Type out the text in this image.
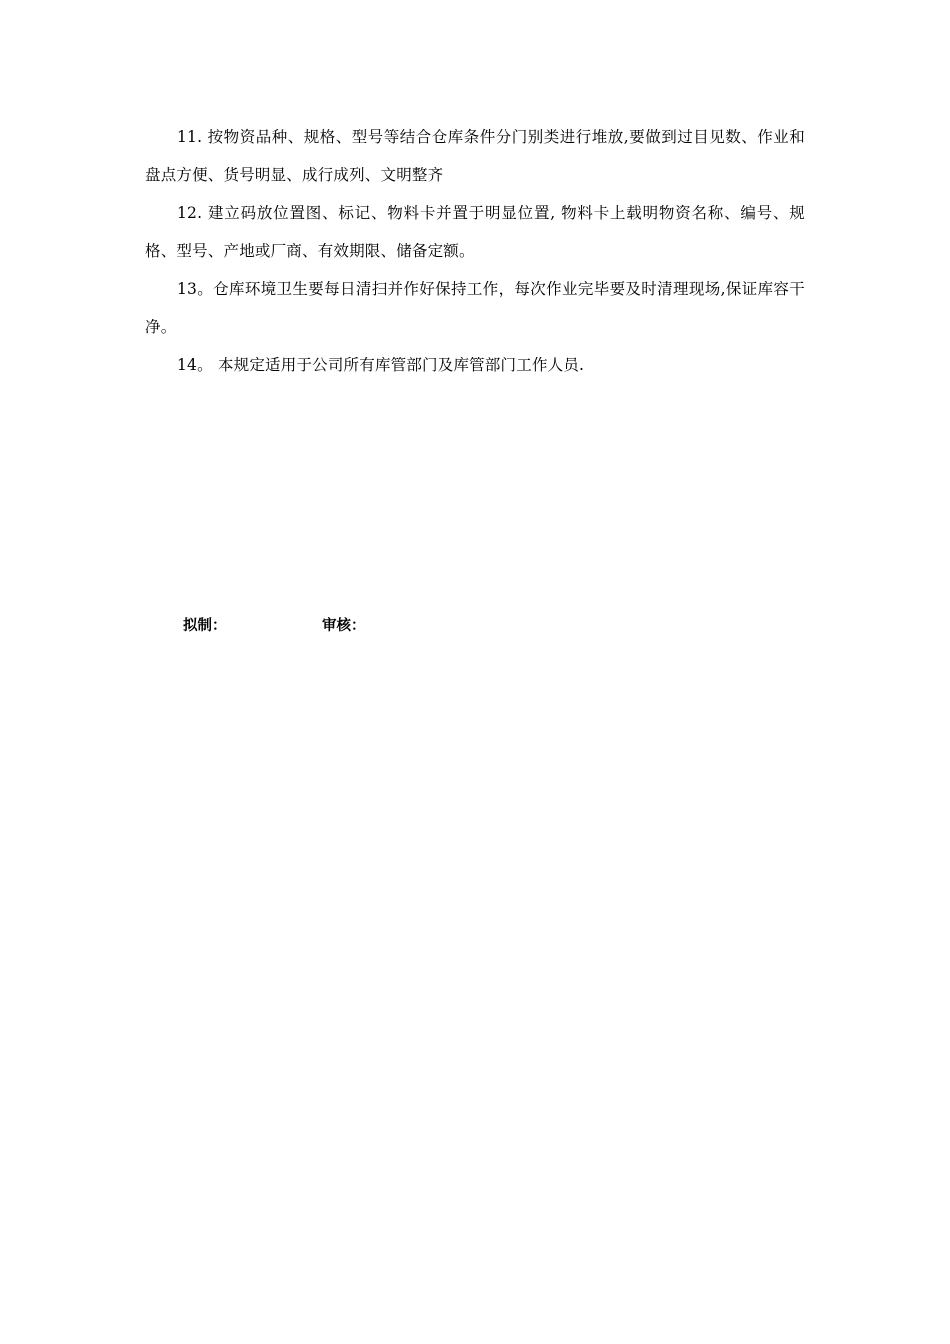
11. 按物资品种、规格、型号等结合仓库条件分门别类进行堆放,要做到过目见数、作业和盘点方便、货号明显、成行成列、文明整齐

12. 建立码放位置图、标记、物料卡并置于明显位置, 物料卡上载明物资名称、编号、规格、型号、产地或厂商、有效期限、储备定额。

13。仓库环境卫生要每日清扫并作好保持工作，每次作业完毕要及时清理现场,保证库容干净。

14。 本规定适用于公司所有库管部门及库管部门工作人员.

拟制：	审核：
